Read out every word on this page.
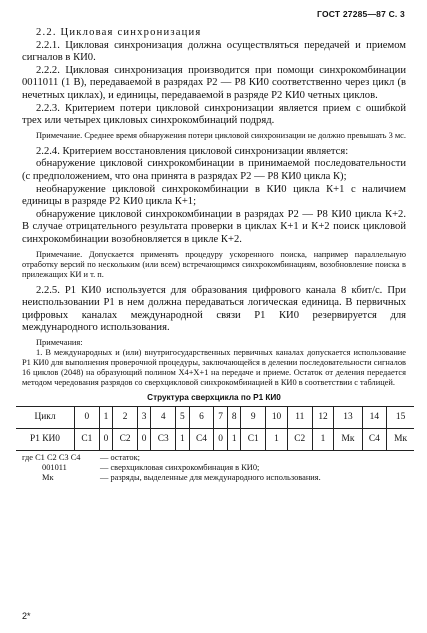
ГОСТ 27285—87 С. 3

2.2. Цикловая синхронизация

2.2.1. Цикловая синхронизация должна осуществляться передачей и приемом сигналов в КИ0.

2.2.2. Цикловая синхронизация производится при помощи синхрокомбинации 0011011 (1 В), передаваемой в разрядах Р2 — Р8 КИ0 соответственно через цикл (в нечетных циклах), и единицы, передаваемой в разряде Р2 КИ0 четных циклов.

2.2.3. Критерием потери цикловой синхронизации является прием с ошибкой трех или четырех цикловых синхрокомбинаций подряд.

Примечание. Среднее время обнаружения потери цикловой синхронизации не должно превышать 3 мс.

2.2.4. Критерием восстановления цикловой синхронизации является:

обнаружение цикловой синхрокомбинации в принимаемой последовательности (с предположением, что она принята в разрядах Р2 — Р8 КИ0 цикла К);

необнаружение цикловой синхрокомбинации в КИ0 цикла К+1 с наличием единицы в разряде Р2 КИ0 цикла К+1;

обнаружение цикловой синхрокомбинации в разрядах Р2 — Р8 КИ0 цикла К+2. В случае отрицательного результата проверки в циклах К+1 и К+2 поиск цикловой синхрокомбинации возобновляется в цикле К+2.

Примечание. Допускается применять процедуру ускоренного поиска, например параллельную отработку версий по нескольким (или всем) встречающимся синхрокомбинациям, возобновление поиска в прилежащих КИ и т. п.

2.2.5. Р1 КИ0 используется для образования цифрового канала 8 кбит/с. При неиспользовании Р1 в нем должна передаваться логическая единица. В первичных цифровых каналах международной связи Р1 КИ0 резервируется для международного использования.

Примечания:

1. В международных и (или) внутригосударственных первичных каналах допускается использование Р1 КИ0 для выполнения проверочной процедуры, заключающейся в делении последовательности сигналов 16 циклов (2048) на образующий полином X4+X+1 на передаче и приеме. Остаток от деления передается методом чередования разрядов со сверхцикловой синхрокомбинацией в КИ0 в соответствии с таблицей.

Структура сверхцикла по Р1 КИ0
Цикл	0	1	2	3	4	5	6	7	8	9	10	11	12	13	14	15
Р1 КИ0	С1	0	С2	0	С3	1	С4	0	1	С1	1	С2	1	Мк	С4	Мк
где С1 С2 С3 С4	— остаток;
001011	— сверхцикловая синхрокомбинация в КИ0;
Мк	— разряды, выделенные для международного использования.
2*
